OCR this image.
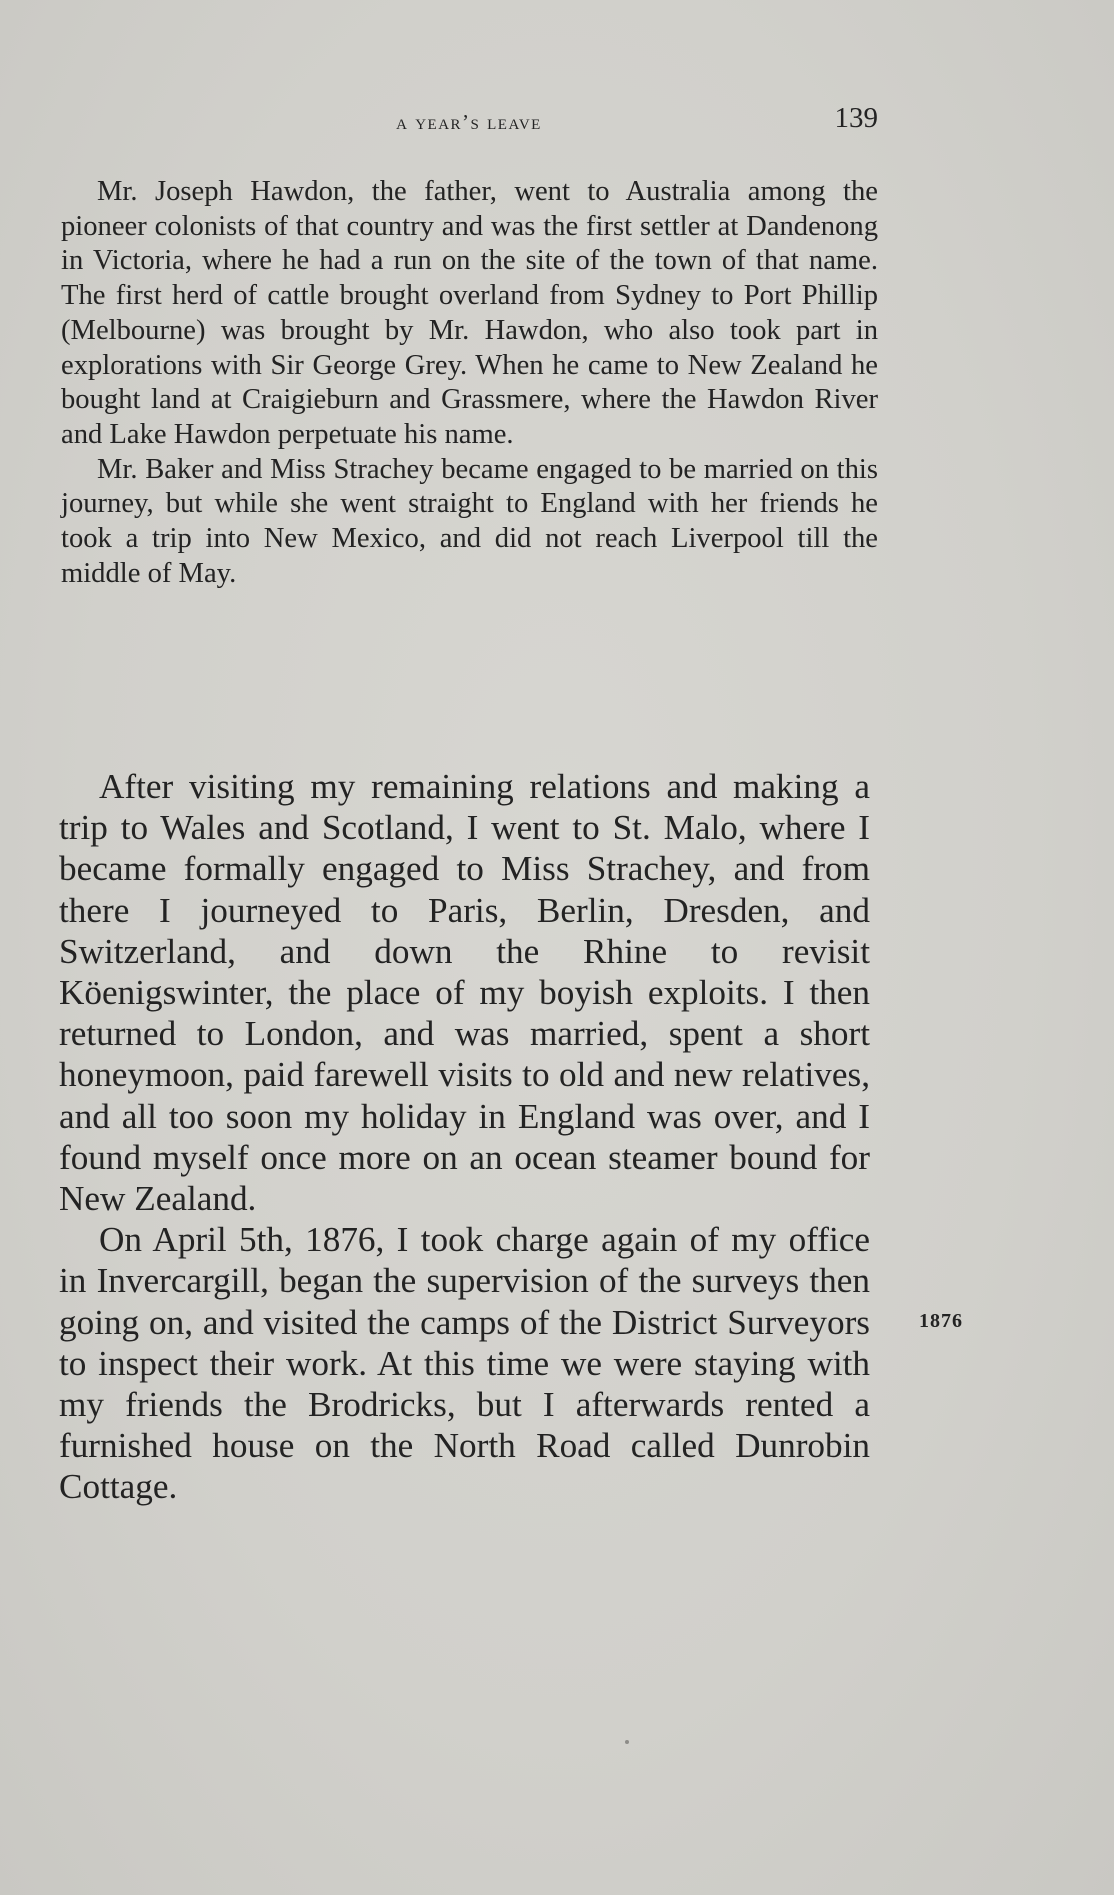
a year’s leave	139

Mr. Joseph Hawdon, the father, went to Australia among the pioneer colonists of that country and was the first settler at Dandenong in Victoria, where he had a run on the site of the town of that name. The first herd of cattle brought overland from Sydney to Port Phillip (Melbourne) was brought by Mr. Hawdon, who also took part in explorations with Sir George Grey. When he came to New Zealand he bought land at Craigieburn and Grassmere, where the Hawdon River and Lake Hawdon perpetuate his name.

Mr. Baker and Miss Strachey became engaged to be married on this journey, but while she went straight to England with her friends he took a trip into New Mexico, and did not reach Liverpool till the middle of May.

After visiting my remaining relations and making a trip to Wales and Scotland, I went to St. Malo, where I became formally engaged to Miss Strachey, and from there I journeyed to Paris, Berlin, Dresden, and Switzerland, and down the Rhine to revisit Köenigswinter, the place of my boyish exploits. I then returned to London, and was married, spent a short honeymoon, paid farewell visits to old and new relatives, and all too soon my holiday in England was over, and I found myself once more on an ocean steamer bound for New Zealand.

On April 5th, 1876, I took charge again of my office in Invercargill, began the supervision of the surveys then going on, and visited the camps of the District Surveyors to inspect their work. At this time we were staying with my friends the Brodricks, but I afterwards rented a furnished house on the North Road called Dunrobin Cottage.

1876
